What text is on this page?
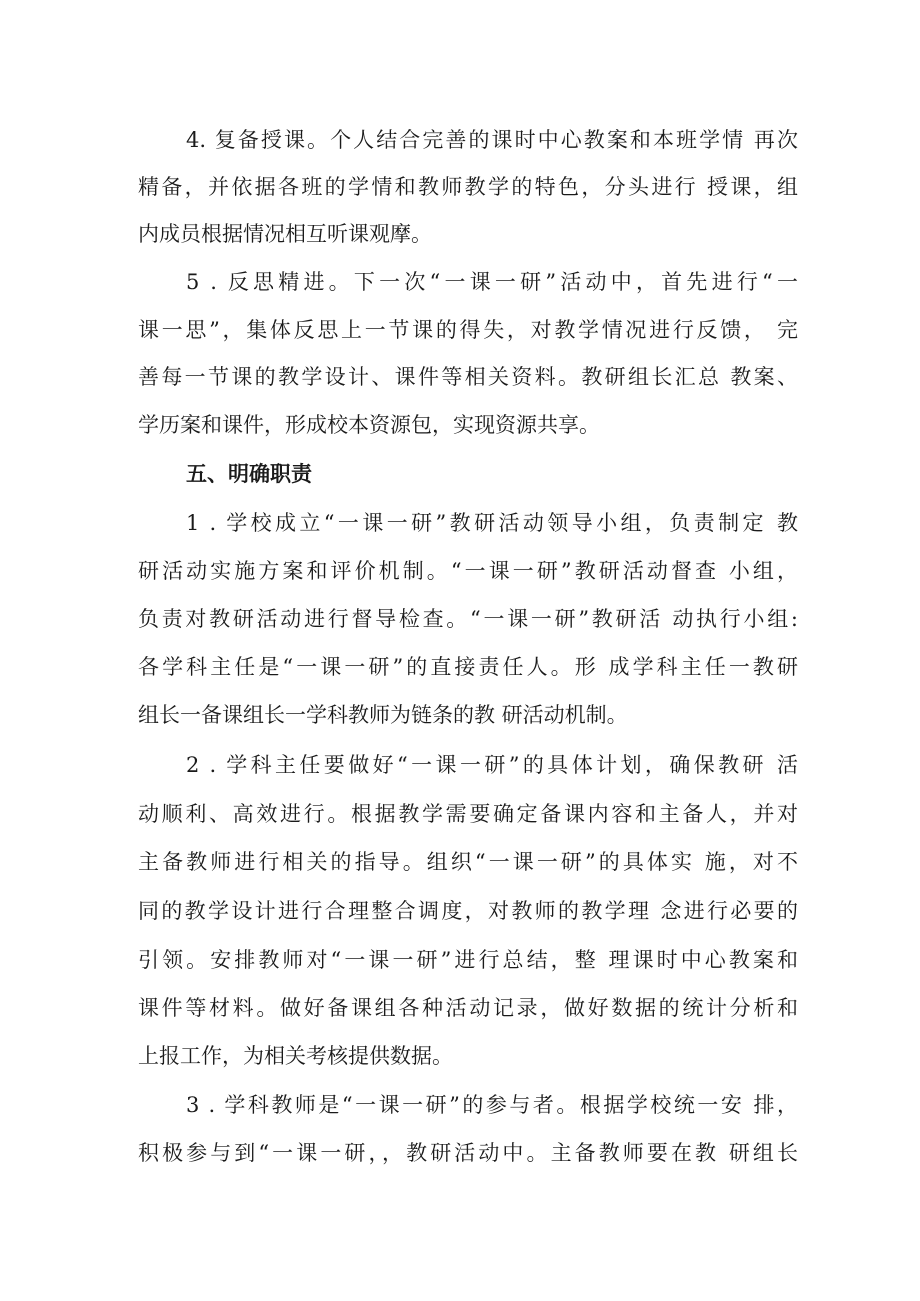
4. 复备授课。个人结合完善的课时中心教案和本班学情 再次
精备，并依据各班的学情和教师教学的特色，分头进行 授课，组
内成员根据情况相互听课观摩。
5 . 反思精进。下一次“一课一研”活动中，首先进行“一
课一思”，集体反思上一节课的得失，对教学情况进行反馈， 完
善每一节课的教学设计、课件等相关资料。教研组长汇总 教案、
学历案和课件，形成校本资源包，实现资源共享。
五、明确职责
1 . 学校成立“一课一研”教研活动领导小组，负责制定 教
研活动实施方案和评价机制。“一课一研”教研活动督查 小组，
负责对教研活动进行督导检查。“一课一研”教研活 动执行小组:
各学科主任是“一课一研”的直接责任人。形 成学科主任一教研
组长一备课组长一学科教师为链条的教 研活动机制。
2 . 学科主任要做好“一课一研”的具体计划，确保教研 活
动顺利、高效进行。根据教学需要确定备课内容和主备人，并对
主备教师进行相关的指导。组织“一课一研”的具体实 施，对不
同的教学设计进行合理整合调度，对教师的教学理 念进行必要的
引领。安排教师对“一课一研”进行总结，整 理课时中心教案和
课件等材料。做好备课组各种活动记录，做好数据的统计分析和
上报工作，为相关考核提供数据。
3 . 学科教师是“一课一研”的参与者。根据学校统一安 排，
积极参与到“一课一研，，教研活动中。主备教师要在教 研组长
